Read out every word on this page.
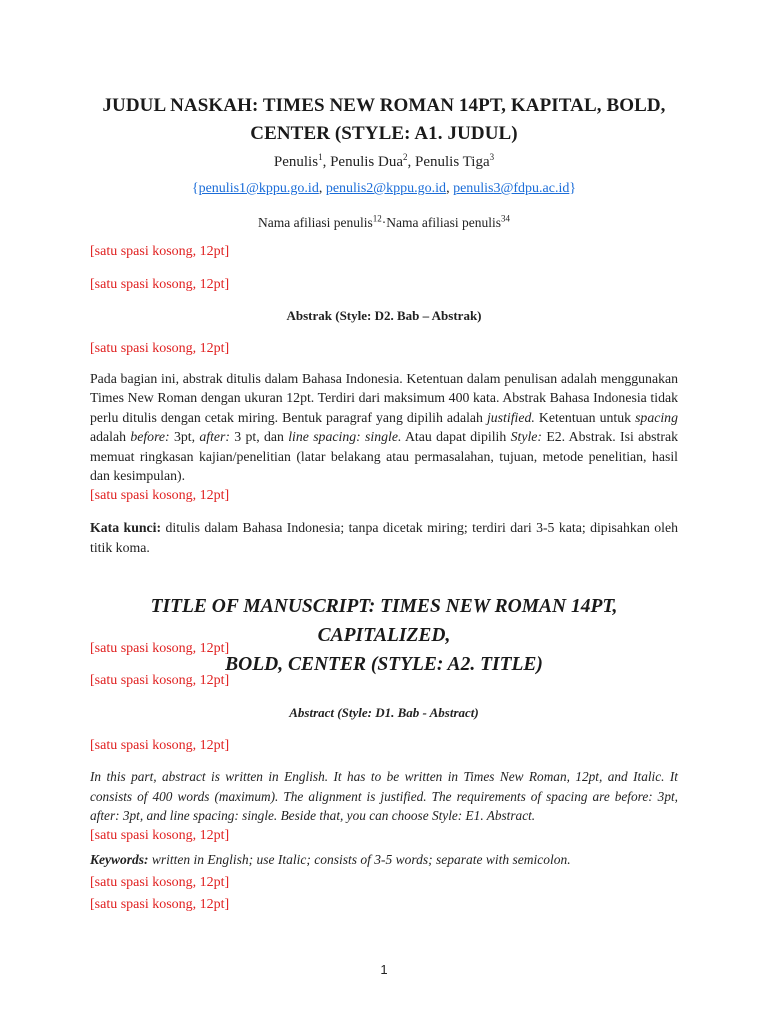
JUDUL NASKAH: TIMES NEW ROMAN 14PT, KAPITAL, BOLD,
CENTER (STYLE: A1. JUDUL)
Penulis$^1$, Penulis Dua$^2$, Penulis Tiga$^3$
{penulis1@kppu.go.id, penulis2@kppu.go.id, penulis3@fdpu.ac.id}
Nama afiliasi penulis$^{12}$·Nama afiliasi penulis$^{34}$
[satu spasi kosong, 12pt]
[satu spasi kosong, 12pt]
Abstrak (Style: D2. Bab – Abstrak)
[satu spasi kosong, 12pt]
Pada bagian ini, abstrak ditulis dalam Bahasa Indonesia. Ketentuan dalam penulisan adalah menggunakan Times New Roman dengan ukuran 12pt. Terdiri dari maksimum 400 kata. Abstrak Bahasa Indonesia tidak perlu ditulis dengan cetak miring. Bentuk paragraf yang dipilih adalah justified. Ketentuan untuk spacing adalah before: 3pt, after: 3 pt, dan line spacing: single. Atau dapat dipilih Style: E2. Abstrak. Isi abstrak memuat ringkasan kajian/penelitian (latar belakang atau permasalahan, tujuan, metode penelitian, hasil dan kesimpulan).
[satu spasi kosong, 12pt]
Kata kunci: ditulis dalam Bahasa Indonesia; tanpa dicetak miring; terdiri dari 3-5 kata; dipisahkan oleh titik koma.
TITLE OF MANUSCRIPT: TIMES NEW ROMAN 14PT, CAPITALIZED,
BOLD, CENTER (STYLE: A2. TITLE)
[satu spasi kosong, 12pt]
[satu spasi kosong, 12pt]
Abstract (Style: D1. Bab - Abstract)
[satu spasi kosong, 12pt]
In this part, abstract is written in English. It has to be written in Times New Roman, 12pt, and Italic. It consists of 400 words (maximum). The alignment is justified. The requirements of spacing are before: 3pt, after: 3pt, and line spacing: single. Beside that, you can choose Style: E1. Abstract.
[satu spasi kosong, 12pt]
Keywords: written in English; use Italic; consists of 3-5 words; separate with semicolon.
[satu spasi kosong, 12pt]
[satu spasi kosong, 12pt]
1
